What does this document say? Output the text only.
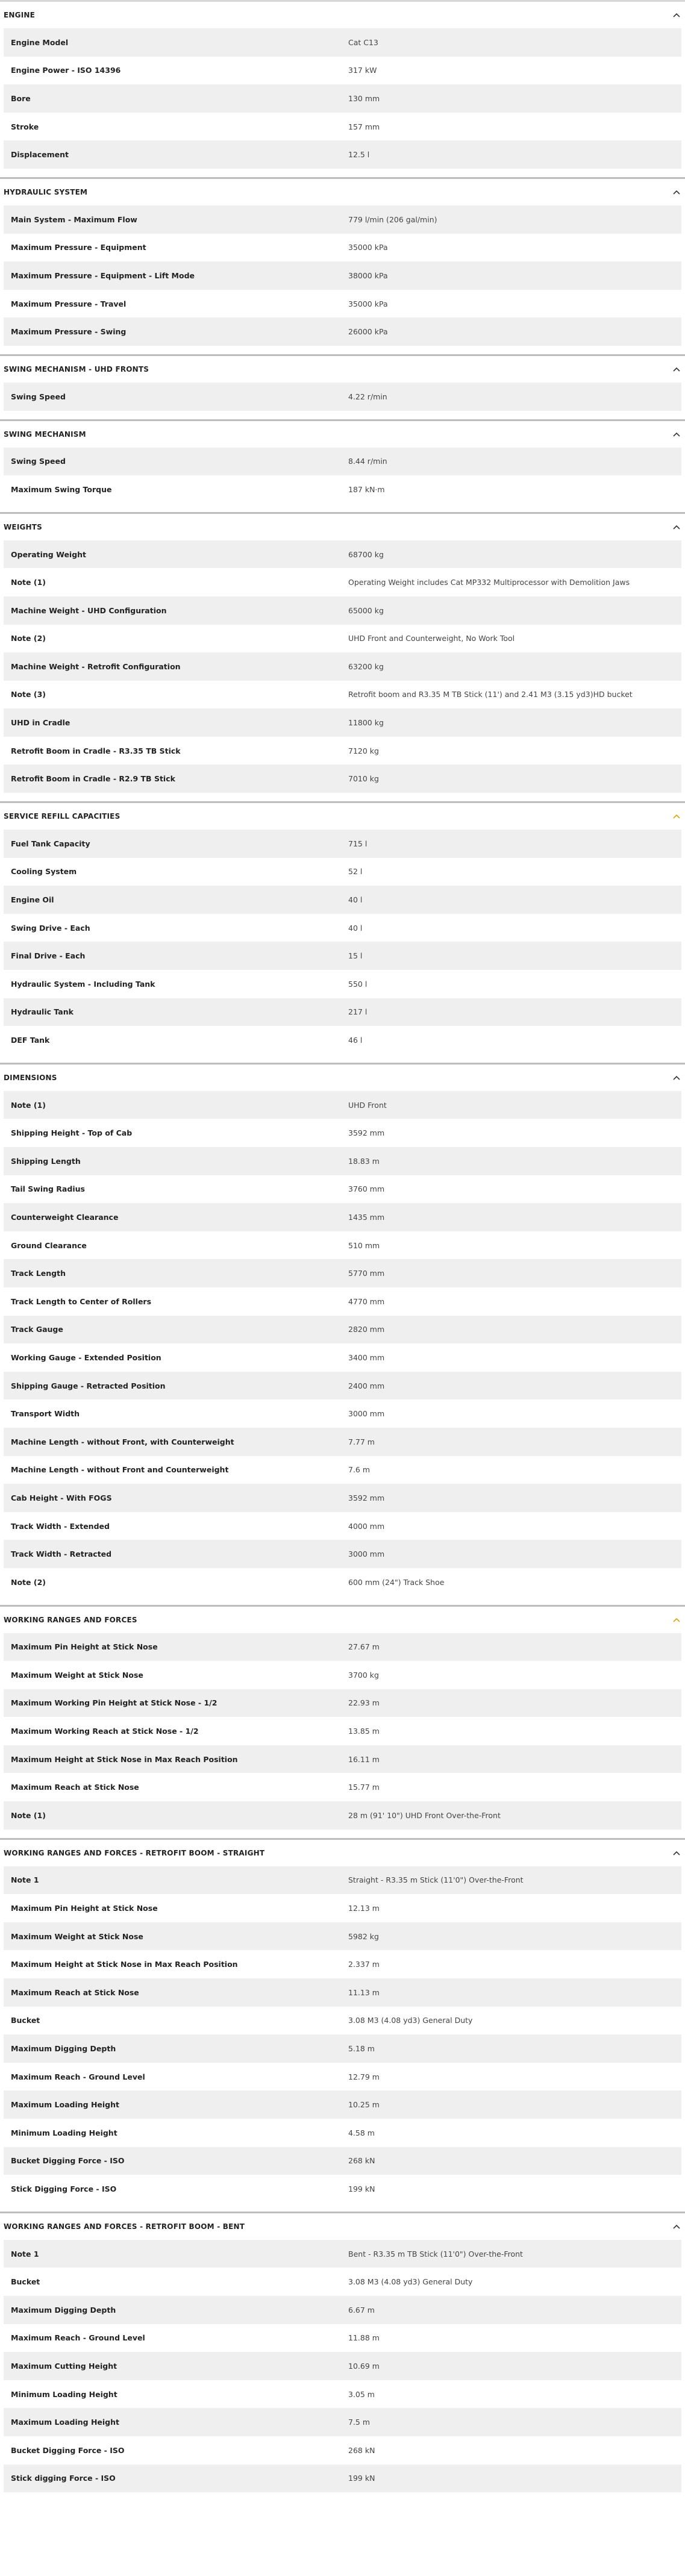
ENGINE
Engine Model	Cat C13
Engine Power - ISO 14396	317 kW
Bore	130 mm
Stroke	157 mm
Displacement	12.5 l
HYDRAULIC SYSTEM
Main System - Maximum Flow	779 l/min (206 gal/min)
Maximum Pressure - Equipment	35000 kPa
Maximum Pressure - Equipment - Lift Mode	38000 kPa
Maximum Pressure - Travel	35000 kPa
Maximum Pressure - Swing	26000 kPa
SWING MECHANISM - UHD FRONTS
Swing Speed	4.22 r/min
SWING MECHANISM
Swing Speed	8.44 r/min
Maximum Swing Torque	187 kN·m
WEIGHTS
Operating Weight	68700 kg
Note (1)	Operating Weight includes Cat MP332 Multiprocessor with Demolition Jaws
Machine Weight - UHD Configuration	65000 kg
Note (2)	UHD Front and Counterweight, No Work Tool
Machine Weight - Retrofit Configuration	63200 kg
Note (3)	Retrofit boom and R3.35 M TB Stick (11') and 2.41 M3 (3.15 yd3)HD bucket
UHD in Cradle	11800 kg
Retrofit Boom in Cradle - R3.35 TB Stick	7120 kg
Retrofit Boom in Cradle - R2.9 TB Stick	7010 kg
SERVICE REFILL CAPACITIES
Fuel Tank Capacity	715 l
Cooling System	52 l
Engine Oil	40 l
Swing Drive - Each	40 l
Final Drive - Each	15 l
Hydraulic System - Including Tank	550 l
Hydraulic Tank	217 l
DEF Tank	46 l
DIMENSIONS
Note (1)	UHD Front
Shipping Height - Top of Cab	3592 mm
Shipping Length	18.83 m
Tail Swing Radius	3760 mm
Counterweight Clearance	1435 mm
Ground Clearance	510 mm
Track Length	5770 mm
Track Length to Center of Rollers	4770 mm
Track Gauge	2820 mm
Working Gauge - Extended Position	3400 mm
Shipping Gauge - Retracted Position	2400 mm
Transport Width	3000 mm
Machine Length - without Front, with Counterweight	7.77 m
Machine Length - without Front and Counterweight	7.6 m
Cab Height - With FOGS	3592 mm
Track Width - Extended	4000 mm
Track Width - Retracted	3000 mm
Note (2)	600 mm (24") Track Shoe
WORKING RANGES AND FORCES
Maximum Pin Height at Stick Nose	27.67 m
Maximum Weight at Stick Nose	3700 kg
Maximum Working Pin Height at Stick Nose - 1/2	22.93 m
Maximum Working Reach at Stick Nose - 1/2	13.85 m
Maximum Height at Stick Nose in Max Reach Position	16.11 m
Maximum Reach at Stick Nose	15.77 m
Note (1)	28 m (91' 10") UHD Front Over-the-Front
WORKING RANGES AND FORCES - RETROFIT BOOM - STRAIGHT
Note 1	Straight - R3.35 m Stick (11'0") Over-the-Front
Maximum Pin Height at Stick Nose	12.13 m
Maximum Weight at Stick Nose	5982 kg
Maximum Height at Stick Nose in Max Reach Position	2.337 m
Maximum Reach at Stick Nose	11.13 m
Bucket	3.08 M3 (4.08 yd3) General Duty
Maximum Digging Depth	5.18 m
Maximum Reach - Ground Level	12.79 m
Maximum Loading Height	10.25 m
Minimum Loading Height	4.58 m
Bucket Digging Force - ISO	268 kN
Stick Digging Force - ISO	199 kN
WORKING RANGES AND FORCES - RETROFIT BOOM - BENT
Note 1	Bent - R3.35 m TB Stick (11'0") Over-the-Front
Bucket	3.08 M3 (4.08 yd3) General Duty
Maximum Digging Depth	6.67 m
Maximum Reach - Ground Level	11.88 m
Maximum Cutting Height	10.69 m
Minimum Loading Height	3.05 m
Maximum Loading Height	7.5 m
Bucket Digging Force - ISO	268 kN
Stick digging Force - ISO	199 kN
